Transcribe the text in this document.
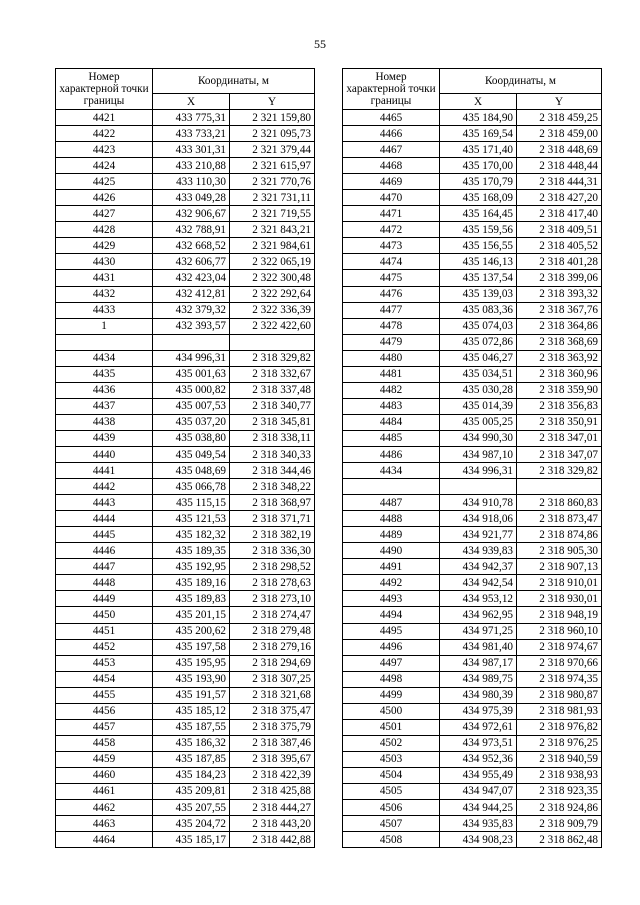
55
Номер характерной точки границы	Координаты, м	
	X	Y
4421	433 775,31	2 321 159,80
4422	433 733,21	2 321 095,73
4423	433 301,31	2 321 379,44
4424	433 210,88	2 321 615,97
4425	433 110,30	2 321 770,76
4426	433 049,28	2 321 731,11
4427	432 906,67	2 321 719,55
4428	432 788,91	2 321 843,21
4429	432 668,52	2 321 984,61
4430	432 606,77	2 322 065,19
4431	432 423,04	2 322 300,48
4432	432 412,81	2 322 292,64
4433	432 379,32	2 322 336,39
1	432 393,57	2 322 422,60

4434	434 996,31	2 318 329,82
4435	435 001,63	2 318 332,67
4436	435 000,82	2 318 337,48
4437	435 007,53	2 318 340,77
4438	435 037,20	2 318 345,81
4439	435 038,80	2 318 338,11
4440	435 049,54	2 318 340,33
4441	435 048,69	2 318 344,46
4442	435 066,78	2 318 348,22
4443	435 115,15	2 318 368,97
4444	435 121,53	2 318 371,71
4445	435 182,32	2 318 382,19
4446	435 189,35	2 318 336,30
4447	435 192,95	2 318 298,52
4448	435 189,16	2 318 278,63
4449	435 189,83	2 318 273,10
4450	435 201,15	2 318 274,47
4451	435 200,62	2 318 279,48
4452	435 197,58	2 318 279,16
4453	435 195,95	2 318 294,69
4454	435 193,90	2 318 307,25
4455	435 191,57	2 318 321,68
4456	435 185,12	2 318 375,47
4457	435 187,55	2 318 375,79
4458	435 186,32	2 318 387,46
4459	435 187,85	2 318 395,67
4460	435 184,23	2 318 422,39
4461	435 209,81	2 318 425,88
4462	435 207,55	2 318 444,27
4463	435 204,72	2 318 443,20
4464	435 185,17	2 318 442,88
Номер характерной точки границы	Координаты, м	
	X	Y
4465	435 184,90	2 318 459,25
4466	435 169,54	2 318 459,00
4467	435 171,40	2 318 448,69
4468	435 170,00	2 318 448,44
4469	435 170,79	2 318 444,31
4470	435 168,09	2 318 427,20
4471	435 164,45	2 318 417,40
4472	435 159,56	2 318 409,51
4473	435 156,55	2 318 405,52
4474	435 146,13	2 318 401,28
4475	435 137,54	2 318 399,06
4476	435 139,03	2 318 393,32
4477	435 083,36	2 318 367,76
4478	435 074,03	2 318 364,86
4479	435 072,86	2 318 368,69
4480	435 046,27	2 318 363,92
4481	435 034,51	2 318 360,96
4482	435 030,28	2 318 359,90
4483	435 014,39	2 318 356,83
4484	435 005,25	2 318 350,91
4485	434 990,30	2 318 347,01
4486	434 987,10	2 318 347,07
4434	434 996,31	2 318 329,82

4487	434 910,78	2 318 860,83
4488	434 918,06	2 318 873,47
4489	434 921,77	2 318 874,86
4490	434 939,83	2 318 905,30
4491	434 942,37	2 318 907,13
4492	434 942,54	2 318 910,01
4493	434 953,12	2 318 930,01
4494	434 962,95	2 318 948,19
4495	434 971,25	2 318 960,10
4496	434 981,40	2 318 974,67
4497	434 987,17	2 318 970,66
4498	434 989,75	2 318 974,35
4499	434 980,39	2 318 980,87
4500	434 975,39	2 318 981,93
4501	434 972,61	2 318 976,82
4502	434 973,51	2 318 976,25
4503	434 952,36	2 318 940,59
4504	434 955,49	2 318 938,93
4505	434 947,07	2 318 923,35
4506	434 944,25	2 318 924,86
4507	434 935,83	2 318 909,79
4508	434 908,23	2 318 862,48
